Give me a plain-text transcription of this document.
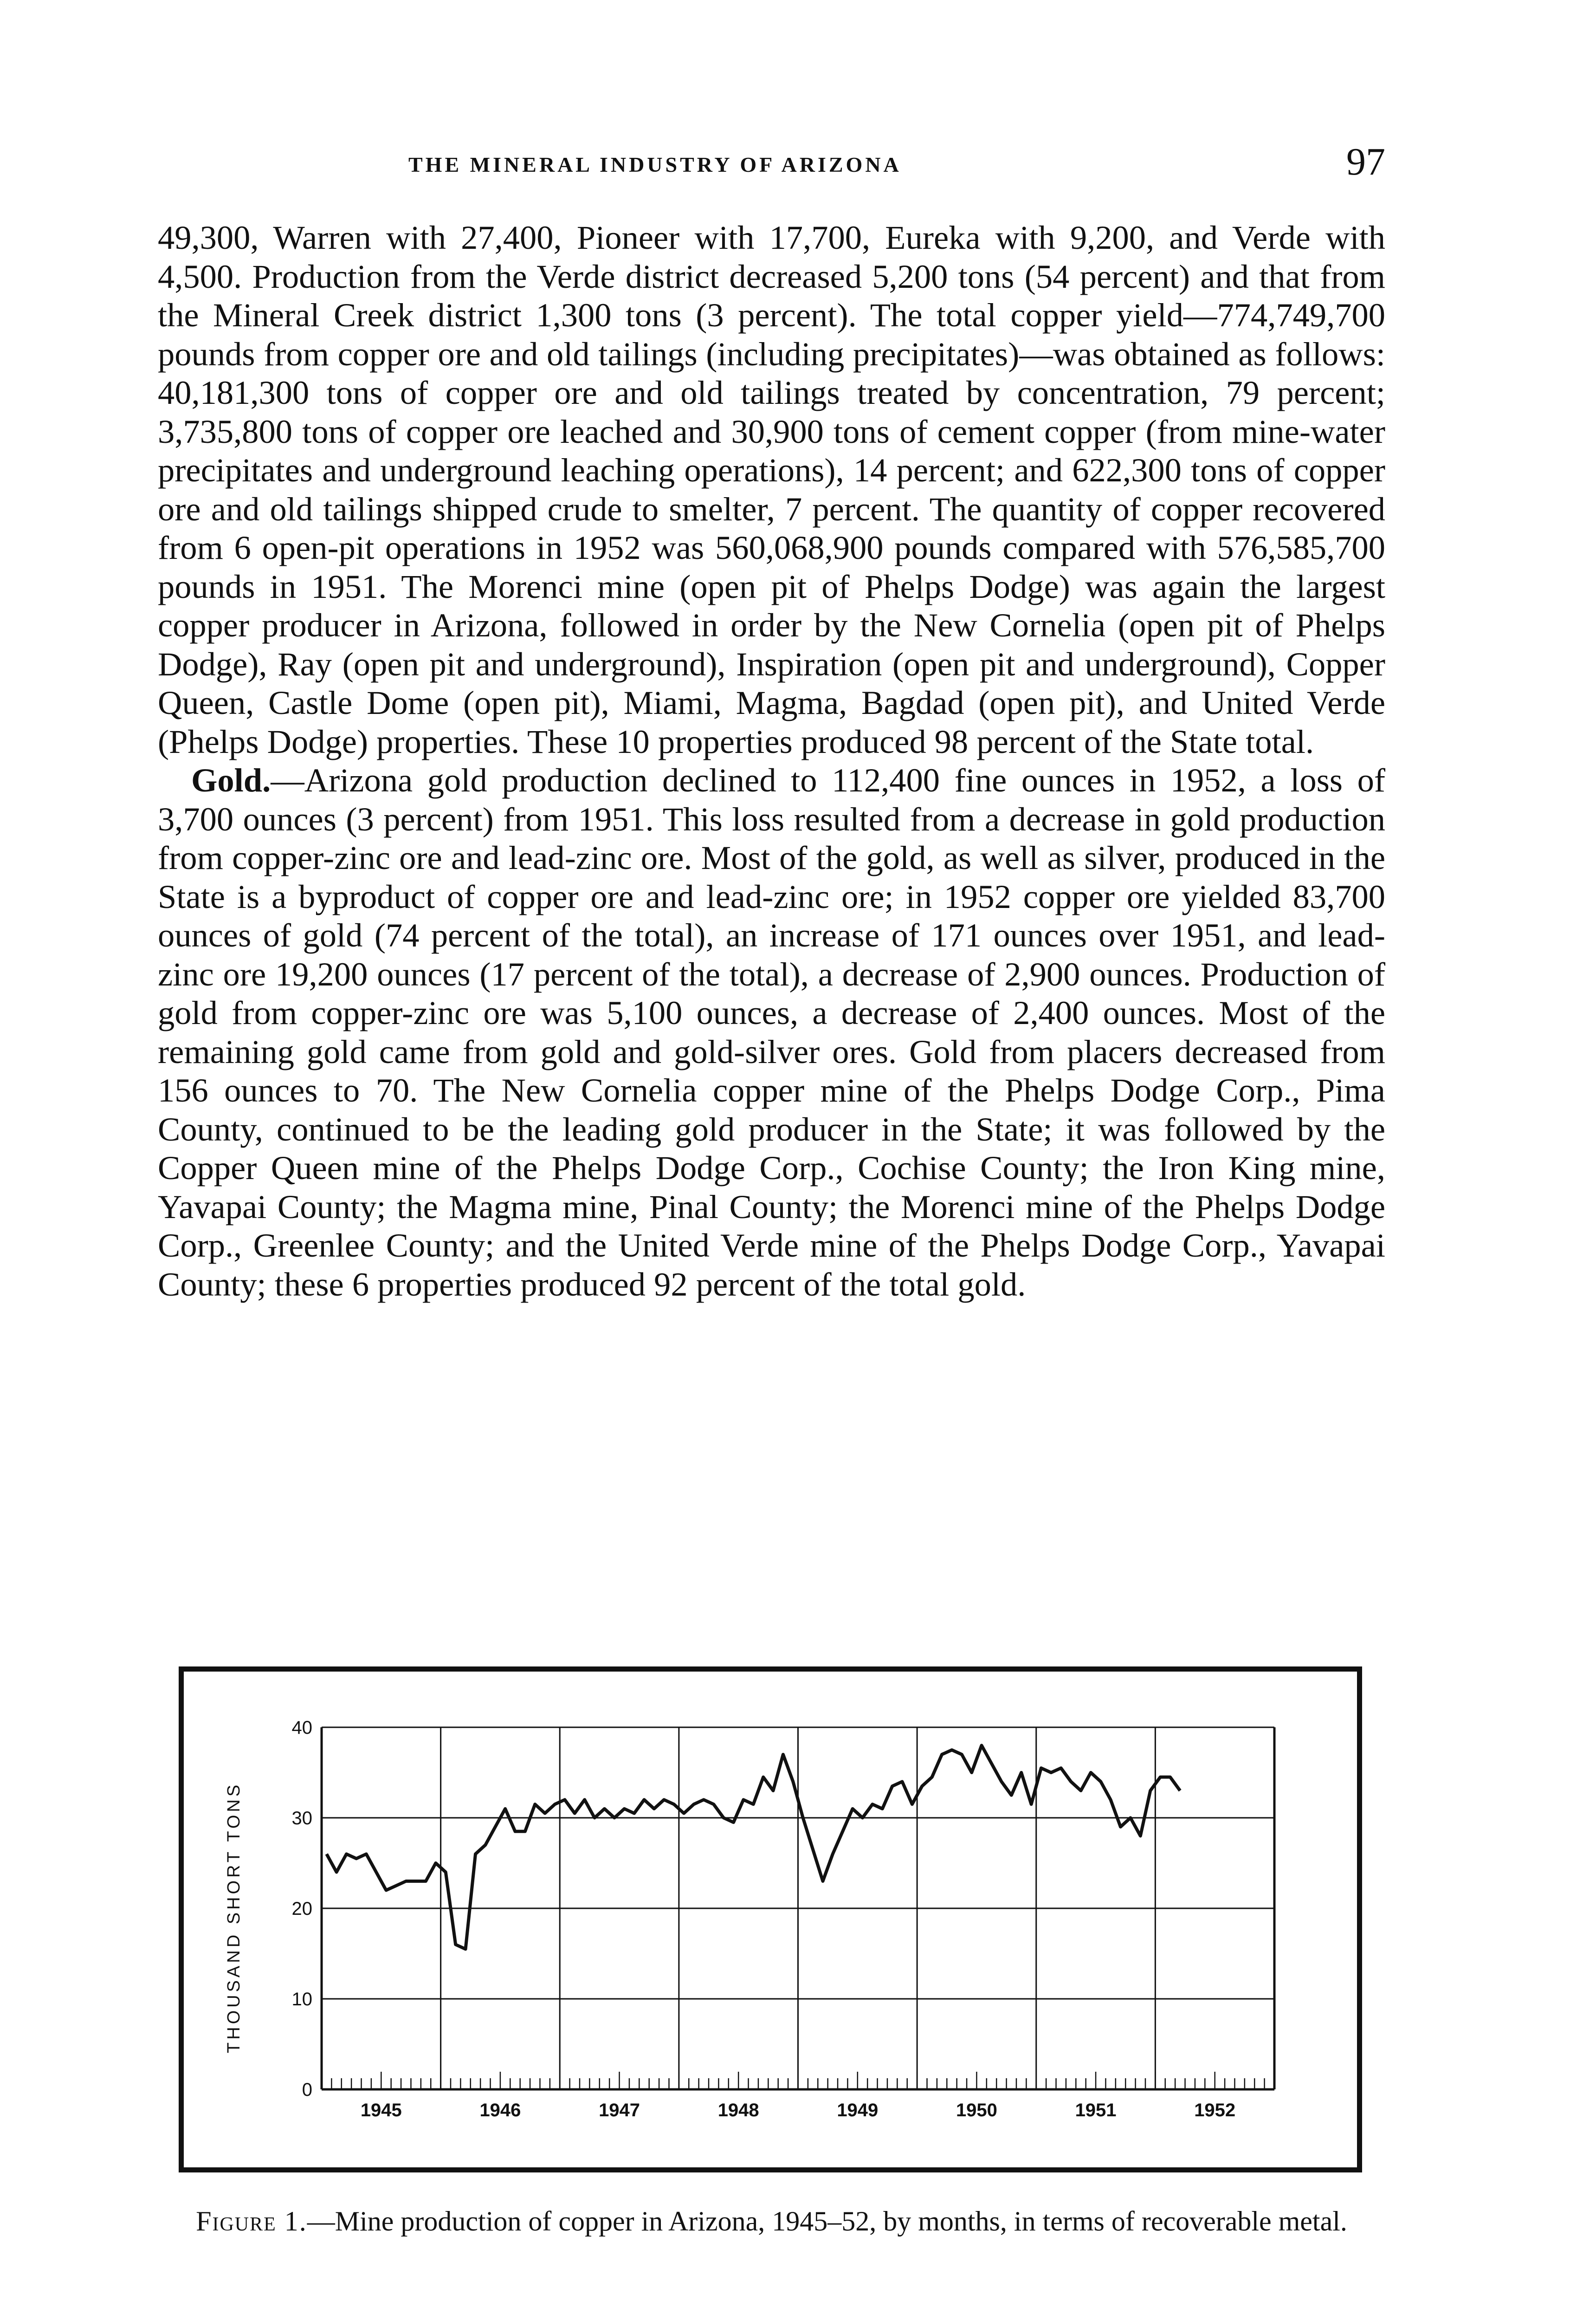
THE MINERAL INDUSTRY OF ARIZONA	97

49,300, Warren with 27,400, Pioneer with 17,700, Eureka with 9,200, and Verde with 4,500. Production from the Verde district decreased 5,200 tons (54 percent) and that from the Mineral Creek district 1,300 tons (3 percent). The total copper yield—774,749,700 pounds from copper ore and old tailings (including precipitates)—was obtained as follows: 40,181,300 tons of copper ore and old tailings treated by concentration, 79 percent; 3,735,800 tons of copper ore leached and 30,900 tons of cement copper (from mine-water precipitates and underground leaching operations), 14 percent; and 622,300 tons of copper ore and old tailings shipped crude to smelter, 7 percent. The quantity of copper recovered from 6 open-pit operations in 1952 was 560,068,900 pounds compared with 576,585,700 pounds in 1951. The Morenci mine (open pit of Phelps Dodge) was again the largest copper producer in Arizona, followed in order by the New Cornelia (open pit of Phelps Dodge), Ray (open pit and underground), Inspiration (open pit and underground), Copper Queen, Castle Dome (open pit), Miami, Magma, Bagdad (open pit), and United Verde (Phelps Dodge) properties. These 10 properties produced 98 percent of the State total.

Gold.—Arizona gold production declined to 112,400 fine ounces in 1952, a loss of 3,700 ounces (3 percent) from 1951. This loss resulted from a decrease in gold production from copper-zinc ore and lead-zinc ore. Most of the gold, as well as silver, produced in the State is a byproduct of copper ore and lead-zinc ore; in 1952 copper ore yielded 83,700 ounces of gold (74 percent of the total), an increase of 171 ounces over 1951, and lead-zinc ore 19,200 ounces (17 percent of the total), a decrease of 2,900 ounces. Production of gold from copper-zinc ore was 5,100 ounces, a decrease of 2,400 ounces. Most of the remaining gold came from gold and gold-silver ores. Gold from placers decreased from 156 ounces to 70. The New Cornelia copper mine of the Phelps Dodge Corp., Pima County, continued to be the leading gold producer in the State; it was followed by the Copper Queen mine of the Phelps Dodge Corp., Cochise County; the Iron King mine, Yavapai County; the Magma mine, Pinal County; the Morenci mine of the Phelps Dodge Corp., Greenlee County; and the United Verde mine of the Phelps Dodge Corp., Yavapai County; these 6 properties produced 92 percent of the total gold.

0
10
20
30
40
1945	1946	1947	1948	1949	1950	1951	1952
THOUSAND SHORT TONS
Figure 1.—Mine production of copper in Arizona, 1945–52, by months, in terms of recoverable metal.
